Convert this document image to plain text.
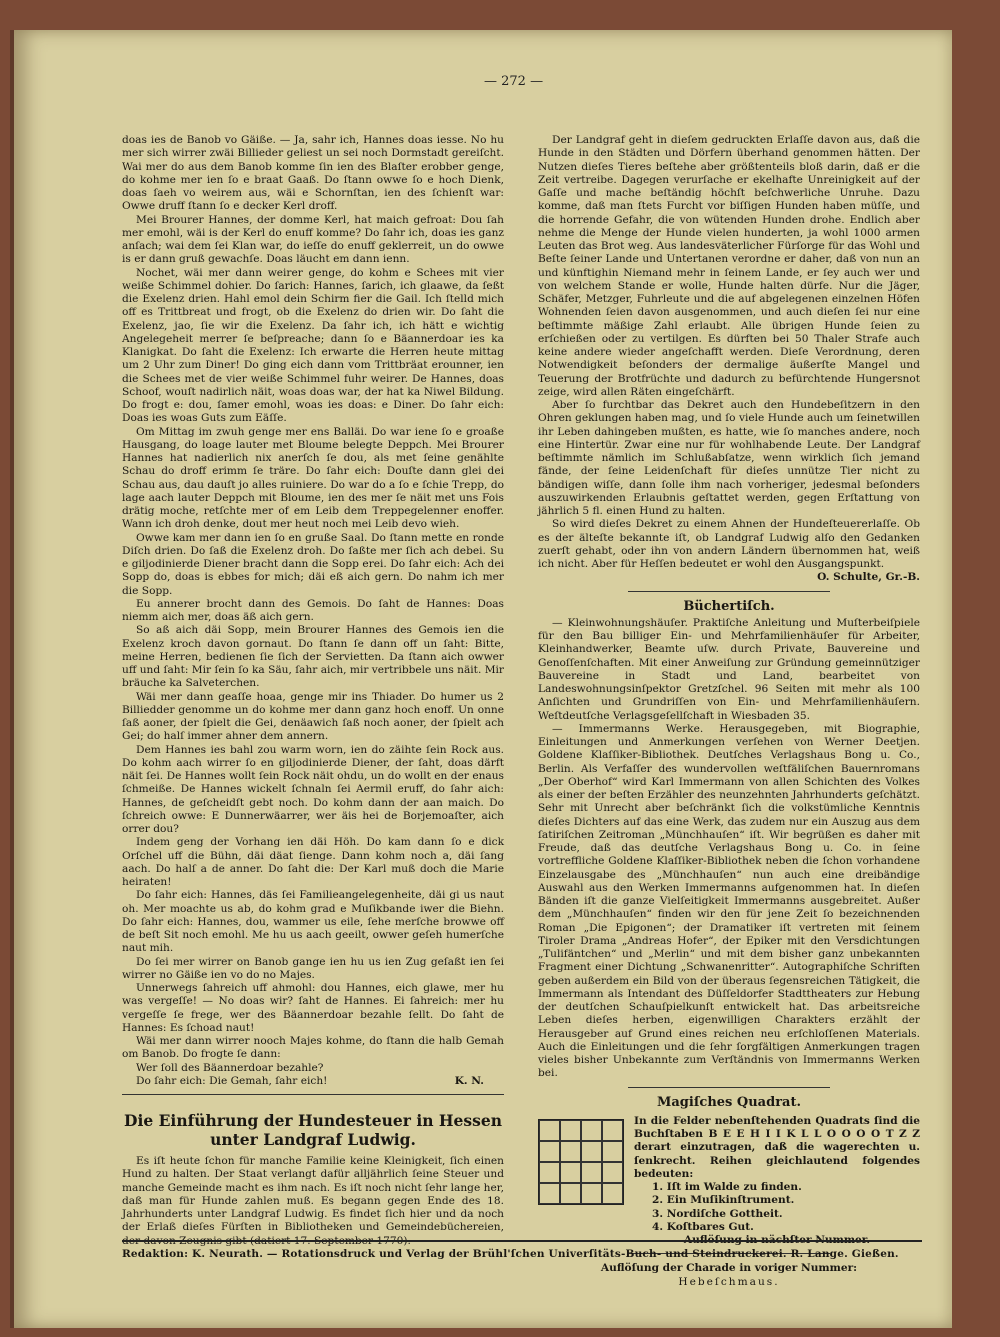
— 272 —

doas ies de Banob vo Gäiße. — Ja, sahr ich, Hannes doas iesse. No hu mer sich wirrer zwäi Billieder geliest un sei noch Dormstadt gereiſcht. Wai mer do aus dem Banob komme ſin ien des Blaſter erobber genge, do kohme mer ien ſo e braat Gaaß. Do ſtann owwe ſo e hoch Dienk, doas ſaeh vo weirem aus, wäi e Schornſtan, ien des ſchienſt war: Owwe druff ſtann ſo e decker Kerl droff.

Mei Brourer Hannes, der domme Kerl, hat maich gefroat: Dou ſah mer emohl, wäi is der Kerl do enuff komme? Do ſahr ich, doas ies ganz anſach; wai dem ſei Klan war, do ieſſe do enuff geklerreit, un do owwe is er dann gruß gewachſe. Doas läucht em dann ienn.

Nochet, wäi mer dann weirer genge, do kohm e Schees mit vier weiße Schimmel dohier. Do ſarich: Hannes, ſarich, ich glaawe, da ſeßt die Exelenz drien. Hahl emol dein Schirm fier die Gail. Ich ſtelld mich off es Trittbreat und frogt, ob die Exelenz do drien wir. Do ſaht die Exelenz, jao, ſie wir die Exelenz. Da ſahr ich, ich hätt e wichtig Angelegeheit merrer ſe beſpreache; dann ſo e Bäannerdoar ies ka Klanigkat. Do ſaht die Exelenz: Ich erwarte die Herren heute mittag um 2 Uhr zum Diner! Do ging eich dann vom Trittbräat erounner, ien die Schees met de vier weiße Schimmel fuhr weirer. De Hannes, doas Schoof, wouſt nadirlich näit, woas doas war, der hat ka Niwel Bildung. Do frogt e: dou, ſamer emohl, woas ies doas: e Diner. Do ſahr eich: Doas ies woas Guts zum Eäſſe.

Om Mittag im zwuh genge mer ens Balläi. Do war iene ſo e groaße Hausgang, do loage lauter met Bloume belegte Deppch. Mei Brourer Hannes hat nadierlich nix anerſch ſe dou, als met ſeine genählte Schau do droff erimm ſe träre. Do ſahr eich: Douſte dann glei dei Schau aus, dau dauſt jo alles ruiniere. Do war do a ſo e ſchie Trepp, do lage aach lauter Deppch mit Bloume, ien des mer ſe näit met uns Fois drätig moche, retſchte mer of em Leib dem Treppegelenner enoffer. Wann ich droh denke, dout mer heut noch mei Leib devo wieh.

Owwe kam mer dann ien ſo en gruße Saal. Do ſtann mette en ronde Diſch drien. Do ſaß die Exelenz droh. Do ſaßte mer ſich ach debei. Su e giljodinierde Diener bracht dann die Sopp erei. Do ſahr eich: Ach dei Sopp do, doas is ebbes for mich; däi eß aich gern. Do nahm ich mer die Sopp.

Eu annerer brocht dann des Gemois. Do ſaht de Hannes: Doas niemm aich mer, doas äß aich gern.

So aß aich däi Sopp, mein Brourer Hannes des Gemois ien die Exelenz kroch davon gornaut. Do ſtann ſe dann off un ſaht: Bitte, meine Herren, bedienen ſie ſich der Servietten. Da ſtann aich owwer uff und ſaht: Mir ſein ſo ka Säu, ſahr aich, mir vertribbele uns näit. Mir bräuche ka Salveterchen.

Wäi mer dann geaſſe hoaa, genge mir ins Thiader. Do humer us 2 Billiedder genomme un do kohme mer dann ganz hoch enoff. Un onne ſaß aoner, der ſpielt die Gei, denäawich ſaß noch aoner, der ſpielt ach Gei; do halſ immer ahner dem annern.

Dem Hannes ies bahl zou warm worn, ien do zäihte ſein Rock aus. Do kohm aach wirrer ſo en giljodinierde Diener, der ſaht, doas därft näit ſei. De Hannes wollt ſein Rock näit ohdu, un do wollt en der enaus ſchmeiße. De Hannes wickelt ſchnaln ſei Aermil eruff, do ſahr aich: Hannes, de geſcheidſt gebt noch. Do kohm dann der aan maich. Do ſchreich owwe: E Dunnerwäarrer, wer äis hei de Borjemoaſter, aich orrer dou?

Indem geng der Vorhang ien däi Höh. Do kam dann ſo e dick Orſchel uff die Bühn, däi däat ſienge. Dann kohm noch a, däi ſang aach. Do halſ a de anner. Do ſaht die: Der Karl muß doch die Marie heiraten!

Do ſahr eich: Hannes, däs ſei Familieangelegenheite, däi gi us naut oh. Mer moachte us ab, do kohm grad e Muſikbande iwer die Biehn. Do ſahr eich: Hannes, dou, wammer us eile, ſehe merſche browwe off de beſt Sit noch emohl. Me hu us aach geeilt, owwer geſeh humerſche naut mih.

Do ſei mer wirrer on Banob gange ien hu us ien Zug geſaßt ien ſei wirrer no Gäiße ien vo do no Majes.

Unnerwegs ſahreich uff ahmohl: dou Hannes, eich glawe, mer hu was vergeſſe! — No doas wir? ſaht de Hannes. Ei ſahreich: mer hu vergeſſe ſe frege, wer des Bäannerdoar bezahle ſellt. Do ſaht de Hannes: Es ſchoad naut!

Wäi mer dann wirrer nooch Majes kohme, do ſtann die halb Gemah om Banob. Do frogte ſe dann:

Wer ſoll des Bäannerdoar bezahle?

Do ſahr eich: Die Gemah, ſahr eich!	K. N.

Die Einführung der Hundesteuer in Hessen unter Landgraf Ludwig.

Es iſt heute ſchon für manche Familie keine Kleinigkeit, ſich einen Hund zu halten. Der Staat verlangt dafür alljährlich ſeine Steuer und manche Gemeinde macht es ihm nach. Es iſt noch nicht ſehr lange her, daß man für Hunde zahlen muß. Es begann gegen Ende des 18. Jahrhunderts unter Landgraf Ludwig. Es findet ſich hier und da noch der Erlaß dieſes Fürſten in Bibliotheken und Gemeindebüchereien, der davon Zeugnis gibt (datiert 17. September 1770).

Der Landgraf geht in dieſem gedruckten Erlaſſe davon aus, daß die Hunde in den Städten und Dörfern überhand genommen hätten. Der Nutzen dieſes Tieres beſtehe aber größtenteils bloß darin, daß er die Zeit vertreibe. Dagegen verurſache er ekelhafte Unreinigkeit auf der Gaſſe und mache beſtändig höchſt beſchwerliche Unruhe. Dazu komme, daß man ſtets Furcht vor biſſigen Hunden haben müſſe, und die horrende Gefahr, die von wütenden Hunden drohe. Endlich aber nehme die Menge der Hunde vielen hunderten, ja wohl 1000 armen Leuten das Brot weg. Aus landesväterlicher Fürſorge für das Wohl und Beſte ſeiner Lande und Untertanen verordne er daher, daß von nun an und künftighin Niemand mehr in ſeinem Lande, er ſey auch wer und von welchem Stande er wolle, Hunde halten dürfe. Nur die Jäger, Schäfer, Metzger, Fuhrleute und die auf abgelegenen einzelnen Höfen Wohnenden ſeien davon ausgenommen, und auch dieſen ſei nur eine beſtimmte mäßige Zahl erlaubt. Alle übrigen Hunde ſeien zu erſchießen oder zu vertilgen. Es dürften bei 50 Thaler Strafe auch keine andere wieder angeſchafft werden. Dieſe Verordnung, deren Notwendigkeit beſonders der dermalige äußerſte Mangel und Teuerung der Brotfrüchte und dadurch zu befürchtende Hungersnot zeige, wird allen Räten eingeſchärft.

Aber ſo furchtbar das Dekret auch den Hundebeſitzern in den Ohren geklungen haben mag, und ſo viele Hunde auch um ſeinetwillen ihr Leben dahingeben mußten, es hatte, wie ſo manches andere, noch eine Hintertür. Zwar eine nur für wohlhabende Leute. Der Landgraf beſtimmte nämlich im Schlußabſatze, wenn wirklich ſich jemand fände, der ſeine Leidenſchaft für dieſes unnütze Tier nicht zu bändigen wiſſe, dann ſolle ihm nach vorheriger, jedesmal beſonders auszuwirkenden Erlaubnis geſtattet werden, gegen Erſtattung von jährlich 5 fl. einen Hund zu halten.

So wird dieſes Dekret zu einem Ahnen der Hundeſteuererlaſſe. Ob es der älteſte bekannte iſt, ob Landgraf Ludwig alſo den Gedanken zuerſt gehabt, oder ihn von andern Ländern übernommen hat, weiß ich nicht. Aber für Heſſen bedeutet er wohl den Ausgangspunkt.

O. Schulte, Gr.-B.

Büchertiſch.

— Kleinwohnungshäuſer. Praktiſche Anleitung und Muſterbeiſpiele für den Bau billiger Ein- und Mehrfamilienhäuſer für Arbeiter, Kleinhandwerker, Beamte uſw. durch Private, Bauvereine und Genoſſenſchaften. Mit einer Anweiſung zur Gründung gemeinnütziger Bauvereine in Stadt und Land, bearbeitet von Landeswohnungsinſpektor Gretzſchel. 96 Seiten mit mehr als 100 Anſichten und Grundriſſen von Ein- und Mehrfamilienhäuſern. Weſtdeutſche Verlagsgeſellſchaft in Wiesbaden 35.

— Immermanns Werke. Herausgegeben, mit Biographie, Einleitungen und Anmerkungen verſehen von Werner Deetjen. Goldene Klaſſiker-Bibliothek. Deutſches Verlagshaus Bong u. Co., Berlin. Als Verfaſſer des wundervollen weſtfäliſchen Bauernromans „Der Oberhof“ wird Karl Immermann von allen Schichten des Volkes als einer der beſten Erzähler des neunzehnten Jahrhunderts geſchätzt. Sehr mit Unrecht aber beſchränkt ſich die volkstümliche Kenntnis dieſes Dichters auf das eine Werk, das zudem nur ein Auszug aus dem ſatiriſchen Zeitroman „Münchhauſen“ iſt. Wir begrüßen es daher mit Freude, daß das deutſche Verlagshaus Bong u. Co. in ſeine vortreffliche Goldene Klaſſiker-Bibliothek neben die ſchon vorhandene Einzelausgabe des „Münchhauſen“ nun auch eine dreibändige Auswahl aus den Werken Immermanns aufgenommen hat. In dieſen Bänden iſt die ganze Vielſeitigkeit Immermanns ausgebreitet. Außer dem „Münchhauſen“ finden wir den für jene Zeit ſo bezeichnenden Roman „Die Epigonen“; der Dramatiker iſt vertreten mit ſeinem Tiroler Drama „Andreas Hofer“, der Epiker mit den Versdichtungen „Tulifäntchen“ und „Merlin“ und mit dem bisher ganz unbekannten Fragment einer Dichtung „Schwanenritter“. Autographiſche Schriften geben außerdem ein Bild von der überaus ſegensreichen Tätigkeit, die Immermann als Intendant des Düſſeldorfer Stadttheaters zur Hebung der deutſchen Schauſpielkunſt entwickelt hat. Das arbeitsreiche Leben dieſes herben, eigenwilligen Charakters erzählt der Herausgeber auf Grund eines reichen neu erſchloſſenen Materials. Auch die Einleitungen und die ſehr ſorgfältigen Anmerkungen tragen vieles bisher Unbekannte zum Verſtändnis von Immermanns Werken bei.

Magiſches Quadrat.

In die Felder nebenſtehenden Quadrats ſind die Buchſtaben B E E H I I K L L O O O O T Z Z derart einzutragen, daß die wagerechten u. ſenkrecht. Reihen gleichlautend folgendes bedeuten:

1. Iſt im Walde zu finden.

2. Ein Muſikinſtrument.

3. Nordiſche Gottheit.

4. Koſtbares Gut.

Auflöſung in nächſter Nummer.

Auflöſung der Charade in voriger Nummer:

Hebeſchmaus.

Redaktion: K. Neurath. — Rotationsdruck und Verlag der Brühl'ſchen Univerſitäts-Buch- und Steindruckerei. R. Lange. Gießen.
